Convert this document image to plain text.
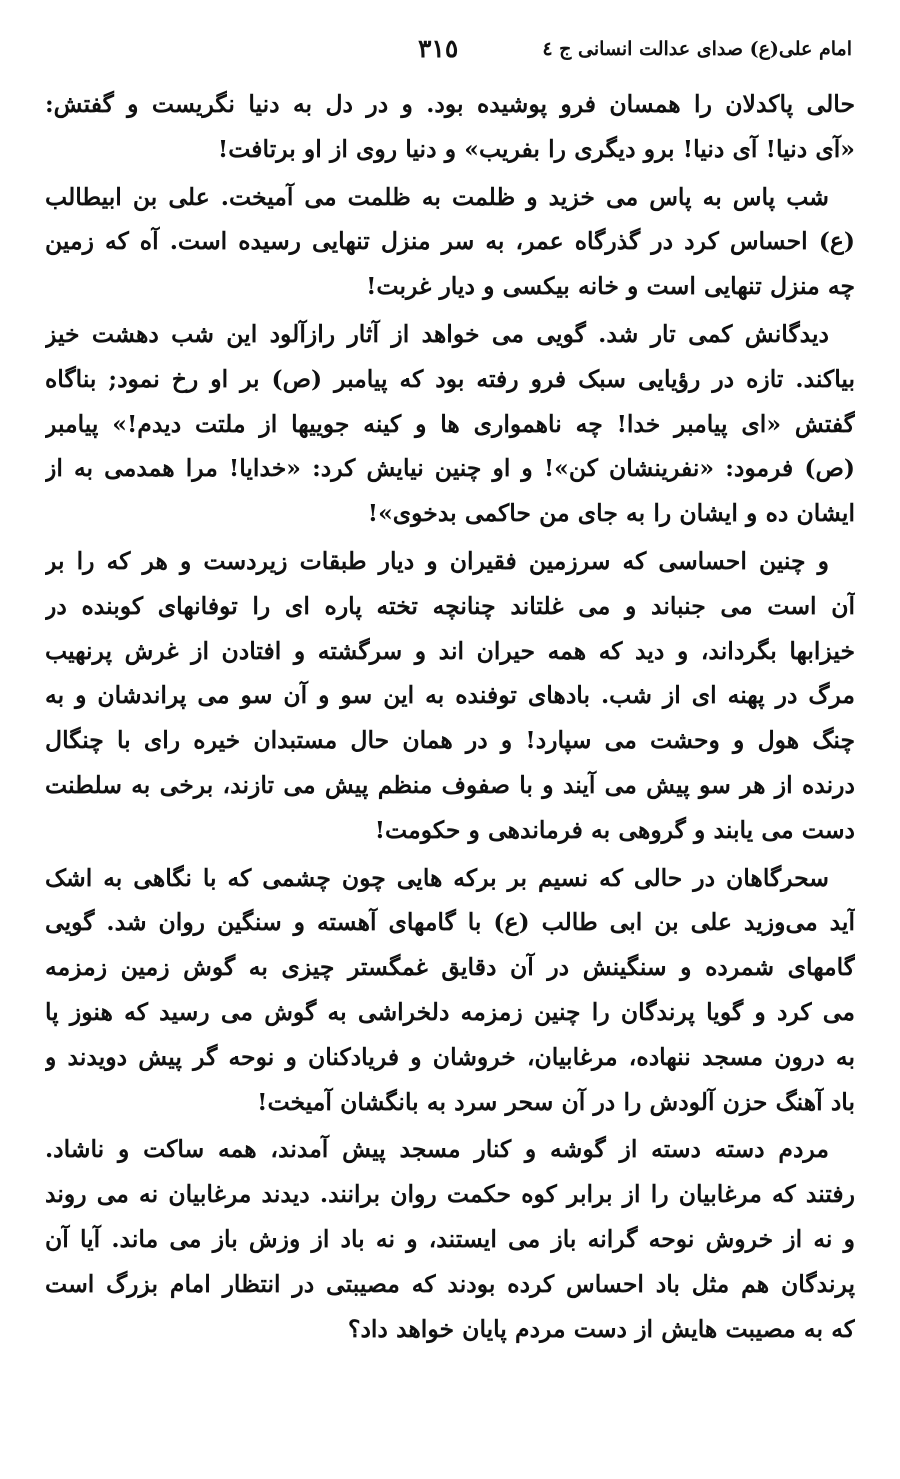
امام علی(ع) صدای عدالت انسانی ج ٤
٣١٥
حالی پاکدلان را همسان فرو پوشیده بود. و در دل به دنیا نگریست و گفتش:
«آی دنیا! آی دنیا! برو دیگری را بفریب» و دنیا روی از او برتافت!
شب پاس به پاس می خزید و ظلمت به ظلمت می آمیخت. علی بن ابیطالب
(ع) احساس کرد در گذرگاه عمر، به سر منزل تنهایی رسیده است. آه که زمین
چه منزل تنهایی است و خانه بیکسی و دیار غربت!
دیدگانش کمی تار شد. گویی می خواهد از آثار رازآلود این شب دهشت خیز
بیاکند. تازه در رؤیایی سبک فرو رفته بود که پیامبر (ص) بر او رخ نمود; بناگاه
گفتش «ای پیامبر خدا! چه ناهمواری ها و کینه جوییها از ملتت دیدم!» پیامبر
(ص) فرمود: «نفرینشان کن»! و او چنین نیایش کرد: «خدایا! مرا همدمی به از
ایشان ده و ایشان را به جای من حاکمی بدخوی»!
و چنین احساسی که سرزمین فقیران و دیار طبقات زیردست و هر که را بر
آن است می جنباند و می غلتاند چنانچه تخته پاره ای را توفانهای کوبنده در
خیزابها بگرداند، و دید که همه حیران اند و سرگشته و افتادن از غرش پرنهیب
مرگ در پهنه ای از شب. بادهای توفنده به این سو و آن سو می پراندشان و به
چنگ هول و وحشت می سپارد! و در همان حال مستبدان خیره رای با چنگال
درنده از هر سو پیش می آیند و با صفوف منظم پیش می تازند، برخی به سلطنت
دست می یابند و گروهی به فرماندهی و حکومت!
سحرگاهان در حالی که نسیم بر برکه هایی چون چشمی که با نگاهی به اشک
آید می‌وزید علی بن ابی طالب (ع) با گامهای آهسته و سنگین روان شد. گویی
گامهای شمرده و سنگینش در آن دقایق غمگستر چیزی به گوش زمین زمزمه
می کرد و گویا پرندگان را چنین زمزمه دلخراشی به گوش می رسید که هنوز پا
به درون مسجد ننهاده، مرغابیان، خروشان و فریادکنان و نوحه گر پیش دویدند و
باد آهنگ حزن آلودش را در آن سحر سرد به بانگشان آمیخت!
مردم دسته دسته از گوشه و کنار مسجد پیش آمدند، همه ساکت و ناشاد.
رفتند که مرغابیان را از برابر کوه حکمت روان برانند. دیدند مرغابیان نه می روند
و نه از خروش نوحه گرانه باز می ایستند، و نه باد از وزش باز می ماند. آیا آن
پرندگان هم مثل باد احساس کرده بودند که مصیبتی در انتظار امام بزرگ است
که به مصیبت هایش از دست مردم پایان خواهد داد؟
